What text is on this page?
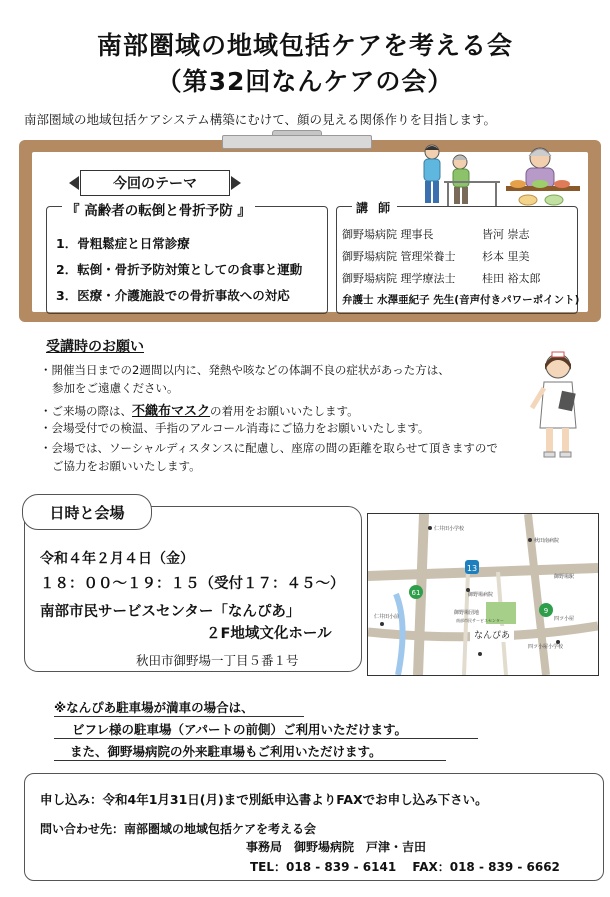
南部圏域の地域包括ケアを考える会
（第32回なんケアの会）
南部圏域の地域包括ケアシステム構築にむけて、顔の見える関係作りを目指します。
今回のテーマ
『 高齢者の転倒と骨折予防 』
1．骨粗鬆症と日常診療
2．転倒・骨折予防対策としての食事と運動
3．医療・介護施設での骨折事故への対応
講 師
御野場病院 理事長	皆河 崇志
御野場病院 管理栄養士 杉本 里美
御野場病院 理学療法士 桂田 裕太郎
弁護士 水澤亜紀子 先生(音声付きパワーポイント)
受講時のお願い
・開催当日までの2週間以内に、発熱や咳などの体調不良の症状があった方は、
参加をご遠慮ください。
・ご来場の際は、不織布マスクの着用をお願いいたします。
・会場受付での検温、手指のアルコール消毒にご協力をお願いいたします。
・会場では、ソーシャルディスタンスに配慮し、座席の間の距離を取らせて頂きますので
ご協力をお願いいたします。
日時と会場
令和４年２月４日（金）
１８：００～１９：１５（受付１７：４５～）
南部市民サービスセンター「なんぴあ」
２F地域文化ホール
秋田市御野場一丁目５番１号
13
61
9
なんぴあ
仁井田小学校
御野場病院
御野場団地
秋田南病院
四ツ小屋小学校
御野場駅
仁井田小前	四ツ小屋
南部市民サービスセンター
※なんぴあ駐車場が満車の場合は、
ビフレ様の駐車場（アパートの前側）ご利用いただけます。
また、御野場病院の外来駐車場もご利用いただけます。
申し込み：令和4年1月31日(月)まで別紙申込書よりFAXでお申し込み下さい。
問い合わせ先：南部圏域の地域包括ケアを考える会
事務局　御野場病院　戸津・吉田
TEL：018 - 839 - 6141　 FAX：018 - 839 - 6662
